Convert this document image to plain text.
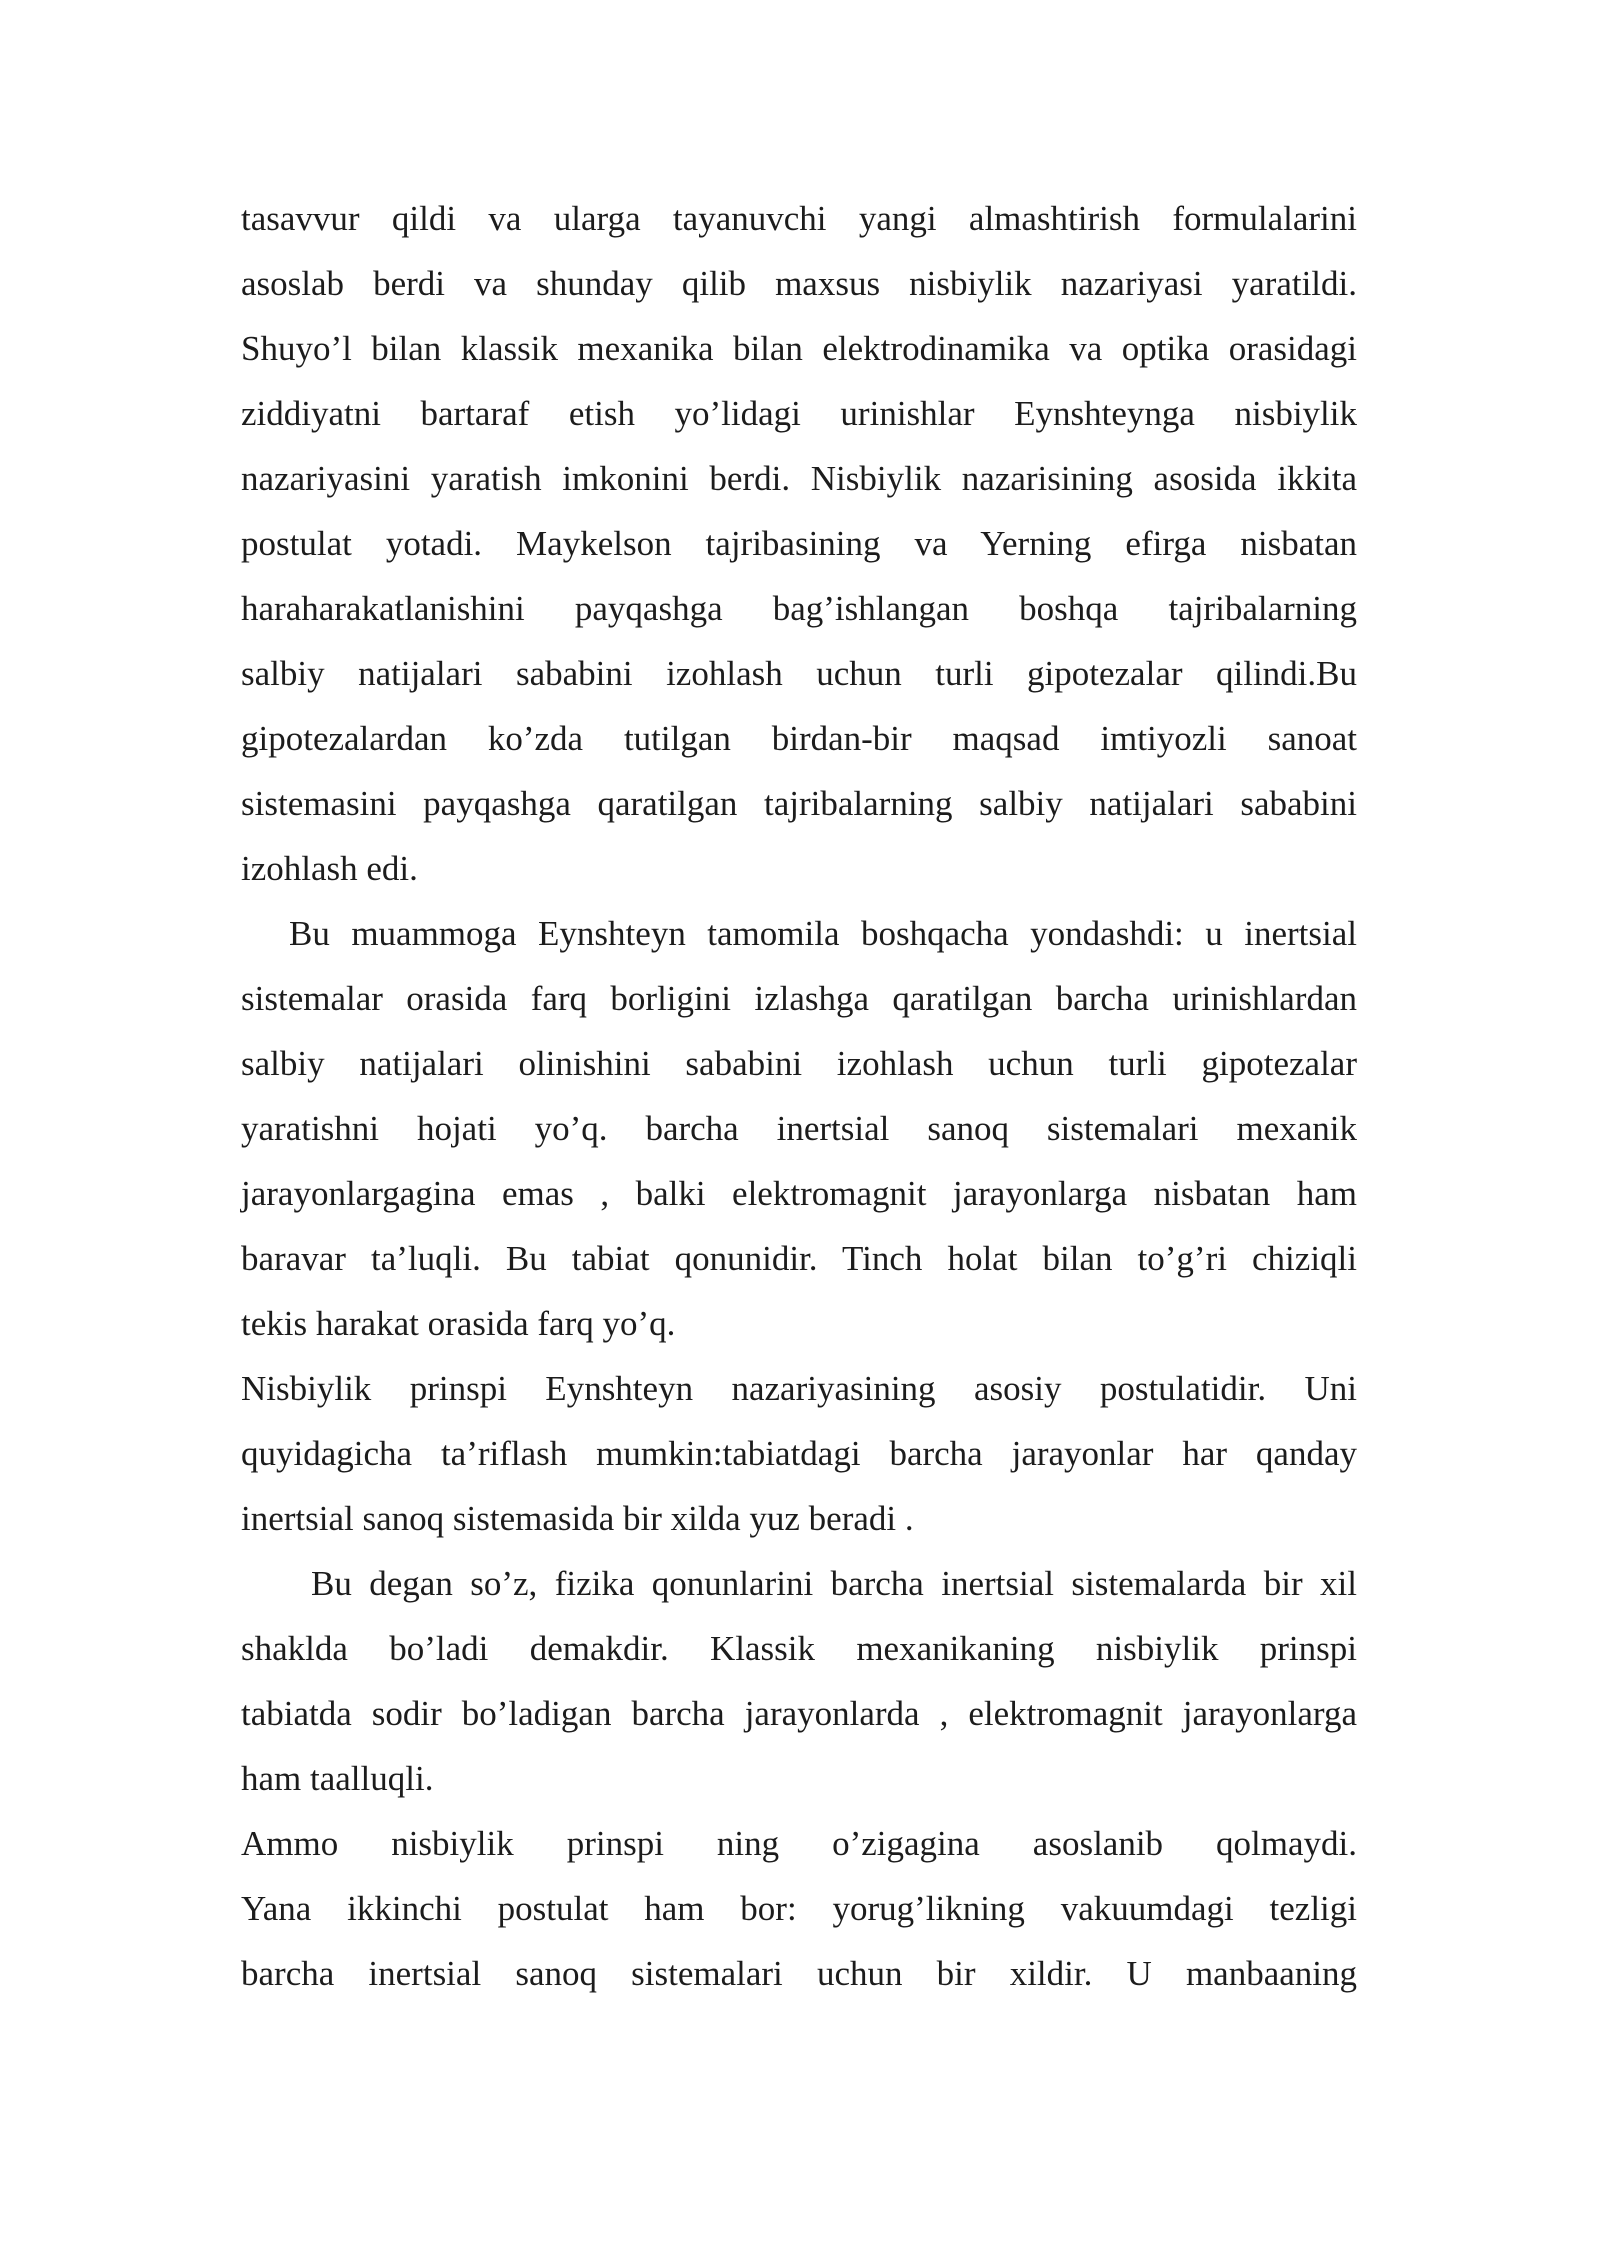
tasavvur qildi va ularga tayanuvchi yangi almashtirish formulalarini
asoslab berdi va shunday qilib maxsus nisbiylik nazariyasi yaratildi.
Shuyo’l bilan klassik mexanika bilan elektrodinamika va optika orasidagi
ziddiyatni bartaraf etish yo’lidagi urinishlar Eynshteynga nisbiylik
nazariyasini yaratish imkonini berdi. Nisbiylik nazarisining asosida ikkita
postulat yotadi. Maykelson tajribasining va Yerning efirga nisbatan
haraharakatlanishini payqashga bag’ishlangan boshqa tajribalarning
salbiy natijalari sababini izohlash uchun turli gipotezalar qilindi.Bu
gipotezalardan ko’zda tutilgan birdan-bir maqsad imtiyozli sanoat
sistemasini payqashga qaratilgan tajribalarning salbiy natijalari sababini
izohlash edi.
Bu muammoga Eynshteyn tamomila boshqacha yondashdi: u inertsial
sistemalar orasida farq borligini izlashga qaratilgan barcha urinishlardan
salbiy natijalari olinishini sababini izohlash uchun turli gipotezalar
yaratishni hojati yo’q. barcha inertsial sanoq sistemalari mexanik
jarayonlargagina emas , balki elektromagnit jarayonlarga nisbatan ham
baravar ta’luqli. Bu tabiat qonunidir. Tinch holat bilan to’g’ri chiziqli
tekis harakat orasida farq yo’q.
Nisbiylik prinspi Eynshteyn nazariyasining asosiy postulatidir. Uni
quyidagicha ta’riflash mumkin:tabiatdagi barcha jarayonlar har qanday
inertsial sanoq sistemasida bir xilda yuz beradi .
Bu degan so’z, fizika qonunlarini barcha inertsial sistemalarda bir xil
shakldа bo’ladi demakdir. Klassik mexanikaning nisbiylik prinspi
tabiatda sodir bo’ladigan barcha jarayonlarda , elektromagnit jarayonlarga
ham taalluqli.
Ammo nisbiylik prinspi ning o’zigagina asoslanib qolmaydi.
Yana ikkinchi postulat ham bor: yorug’likning vakuumdagi tezligi
barcha inertsial sanoq sistemalari uchun bir xildir. U manbaaning
